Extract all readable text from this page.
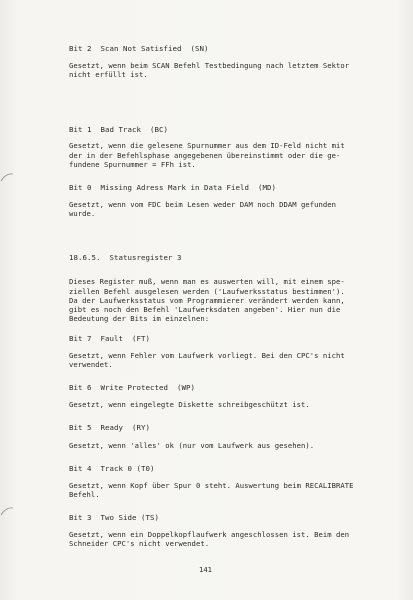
Bit 2  Scan Not Satisfied  (SN)
Gesetzt, wenn beim SCAN Befehl Testbedingung nach letztem Sektor
nicht erfüllt ist.
Bit 1  Bad Track  (BC)
Gesetzt, wenn die gelesene Spurnummer aus dem ID-Feld nicht mit
der in der Befehlsphase angegebenen übereinstimmt oder die ge-
fundene Spurnummer = FFh ist.
Bit 0  Missing Adress Mark in Data Field  (MD)
Gesetzt, wenn vom FDC beim Lesen weder DAM noch DDAM gefunden
wurde.
18.6.5.  Statusregister 3
Dieses Register muß, wenn man es auswerten will, mit einem spe-
ziellen Befehl ausgelesen werden ('Laufwerksstatus bestimmen').
Da der Laufwerksstatus vom Programmierer verändert werden kann,
gibt es noch den Befehl 'Laufwerksdaten angeben'. Hier nun die
Bedeutung der Bits im einzelnen:
Bit 7  Fault  (FT)
Gesetzt, wenn Fehler vom Laufwerk vorliegt. Bei den CPC's nicht
verwendet.
Bit 6  Write Protected  (WP)
Gesetzt, wenn eingelegte Diskette schreibgeschützt ist.
Bit 5  Ready  (RY)
Gesetzt, wenn 'alles' ok (nur vom Laufwerk aus gesehen).
Bit 4  Track 0 (T0)
Gesetzt, wenn Kopf über Spur 0 steht. Auswertung beim RECALIBRATE
Befehl.
Bit 3  Two Side (TS)
Gesetzt, wenn ein Doppelkopflaufwerk angeschlossen ist. Beim den
Schneider CPC's nicht verwendet.
141
